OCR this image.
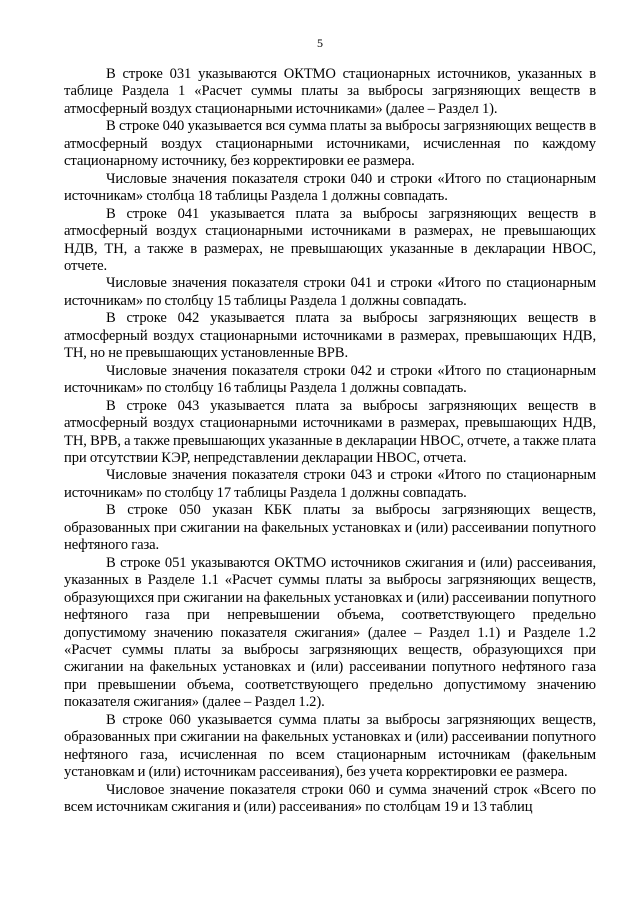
5

В строке 031 указываются ОКТМО стационарных источников, указанных в таблице Раздела 1 «Расчет суммы платы за выбросы загрязняющих веществ в атмосферный воздух стационарными источниками» (далее – Раздел 1).

В строке 040 указывается вся сумма платы за выбросы загрязняющих веществ в атмосферный воздух стационарными источниками, исчисленная по каждому стационарному источнику, без корректировки ее размера.

Числовые значения показателя строки 040 и строки «Итого по стационарным источникам» столбца 18 таблицы Раздела 1 должны совпадать.

В строке 041 указывается плата за выбросы загрязняющих веществ в атмосферный воздух стационарными источниками в размерах, не превышающих НДВ, ТН, а также в размерах, не превышающих указанные в декларации НВОС, отчете.

Числовые значения показателя строки 041 и строки «Итого по стационарным источникам» по столбцу 15 таблицы Раздела 1 должны совпадать.

В строке 042 указывается плата за выбросы загрязняющих веществ в атмосферный воздух стационарными источниками в размерах, превышающих НДВ, ТН, но не превышающих установленные ВРВ.

Числовые значения показателя строки 042 и строки «Итого по стационарным источникам» по столбцу 16 таблицы Раздела 1 должны совпадать.

В строке 043 указывается плата за выбросы загрязняющих веществ в атмосферный воздух стационарными источниками в размерах, превышающих НДВ, ТН, ВРВ, а также превышающих указанные в декларации НВОС, отчете, а также плата при отсутствии КЭР, непредставлении декларации НВОС, отчета.

Числовые значения показателя строки 043 и строки «Итого по стационарным источникам» по столбцу 17 таблицы Раздела 1 должны совпадать.

В строке 050 указан КБК платы за выбросы загрязняющих веществ, образованных при сжигании на факельных установках и (или) рассеивании попутного нефтяного газа.

В строке 051 указываются ОКТМО источников сжигания и (или) рассеивания, указанных в Разделе 1.1 «Расчет суммы платы за выбросы загрязняющих веществ, образующихся при сжигании на факельных установках и (или) рассеивании попутного нефтяного газа при непревышении объема, соответствующего предельно допустимому значению показателя сжигания» (далее – Раздел 1.1) и Разделе 1.2 «Расчет суммы платы за выбросы загрязняющих веществ, образующихся при сжигании на факельных установках и (или) рассеивании попутного нефтяного газа при превышении объема, соответствующего предельно допустимому значению показателя сжигания» (далее – Раздел 1.2).

В строке 060 указывается сумма платы за выбросы загрязняющих веществ, образованных при сжигании на факельных установках и (или) рассеивании попутного нефтяного газа, исчисленная по всем стационарным источникам (факельным установкам и (или) источникам рассеивания), без учета корректировки ее размера.

Числовое значение показателя строки 060 и сумма значений строк «Всего по всем источникам сжигания и (или) рассеивания» по столбцам 19 и 13 таблиц
